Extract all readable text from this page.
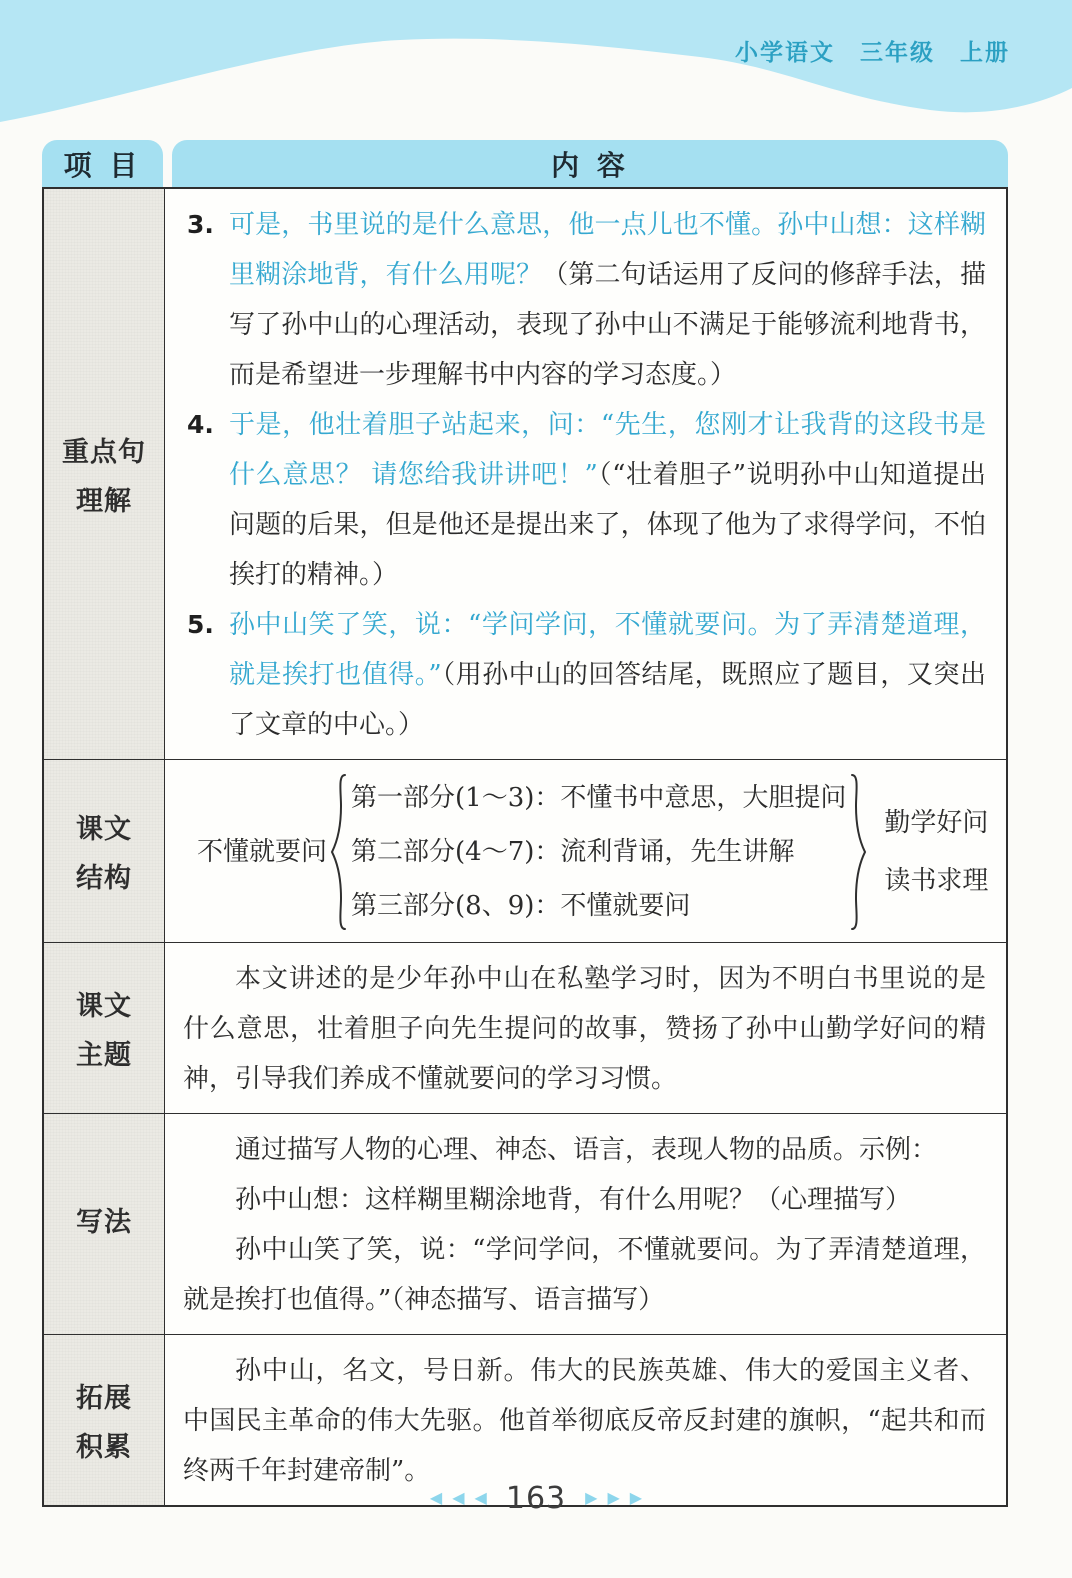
小学语文　三年级　上册
项 目	内 容
重点句
理解
3. 可是，书里说的是什么意思，他一点儿也不懂。孙中山想：这样糊里糊涂地背，有什么用呢？（第二句话运用了反问的修辞手法，描写了孙中山的心理活动，表现了孙中山不满足于能够流利地背书，而是希望进一步理解书中内容的学习态度。）
4. 于是，他壮着胆子站起来，问：“先生，您刚才让我背的这段书是什么意思？ 请您给我讲讲吧！”（“壮着胆子”说明孙中山知道提出问题的后果，但是他还是提出来了，体现了他为了求得学问，不怕挨打的精神。）
5. 孙中山笑了笑，说：“学问学问，不懂就要问。为了弄清楚道理，就是挨打也值得。”（用孙中山的回答结尾，既照应了题目，又突出了文章的中心。）
课文
结构
不懂就要问
第一部分(1～3)：不懂书中意思，大胆提问
第二部分(4～7)：流利背诵，先生讲解
第三部分(8、9)：不懂就要问
勤学好问
读书求理
课文
主题

本文讲述的是少年孙中山在私塾学习时，因为不明白书里说的是什么意思，壮着胆子向先生提问的故事，赞扬了孙中山勤学好问的精神，引导我们养成不懂就要问的学习习惯。

写法

通过描写人物的心理、神态、语言，表现人物的品质。示例：

孙中山想：这样糊里糊涂地背，有什么用呢？（心理描写）

孙中山笑了笑，说：“学问学问，不懂就要问。为了弄清楚道理，就是挨打也值得。”（神态描写、语言描写）

拓展
积累

孙中山，名文，号日新。伟大的民族英雄、伟大的爱国主义者、中国民主革命的伟大先驱。他首举彻底反帝反封建的旗帜，“起共和而终两千年封建帝制”。

◀ ◀ ◀ 163 ▶ ▶ ▶
